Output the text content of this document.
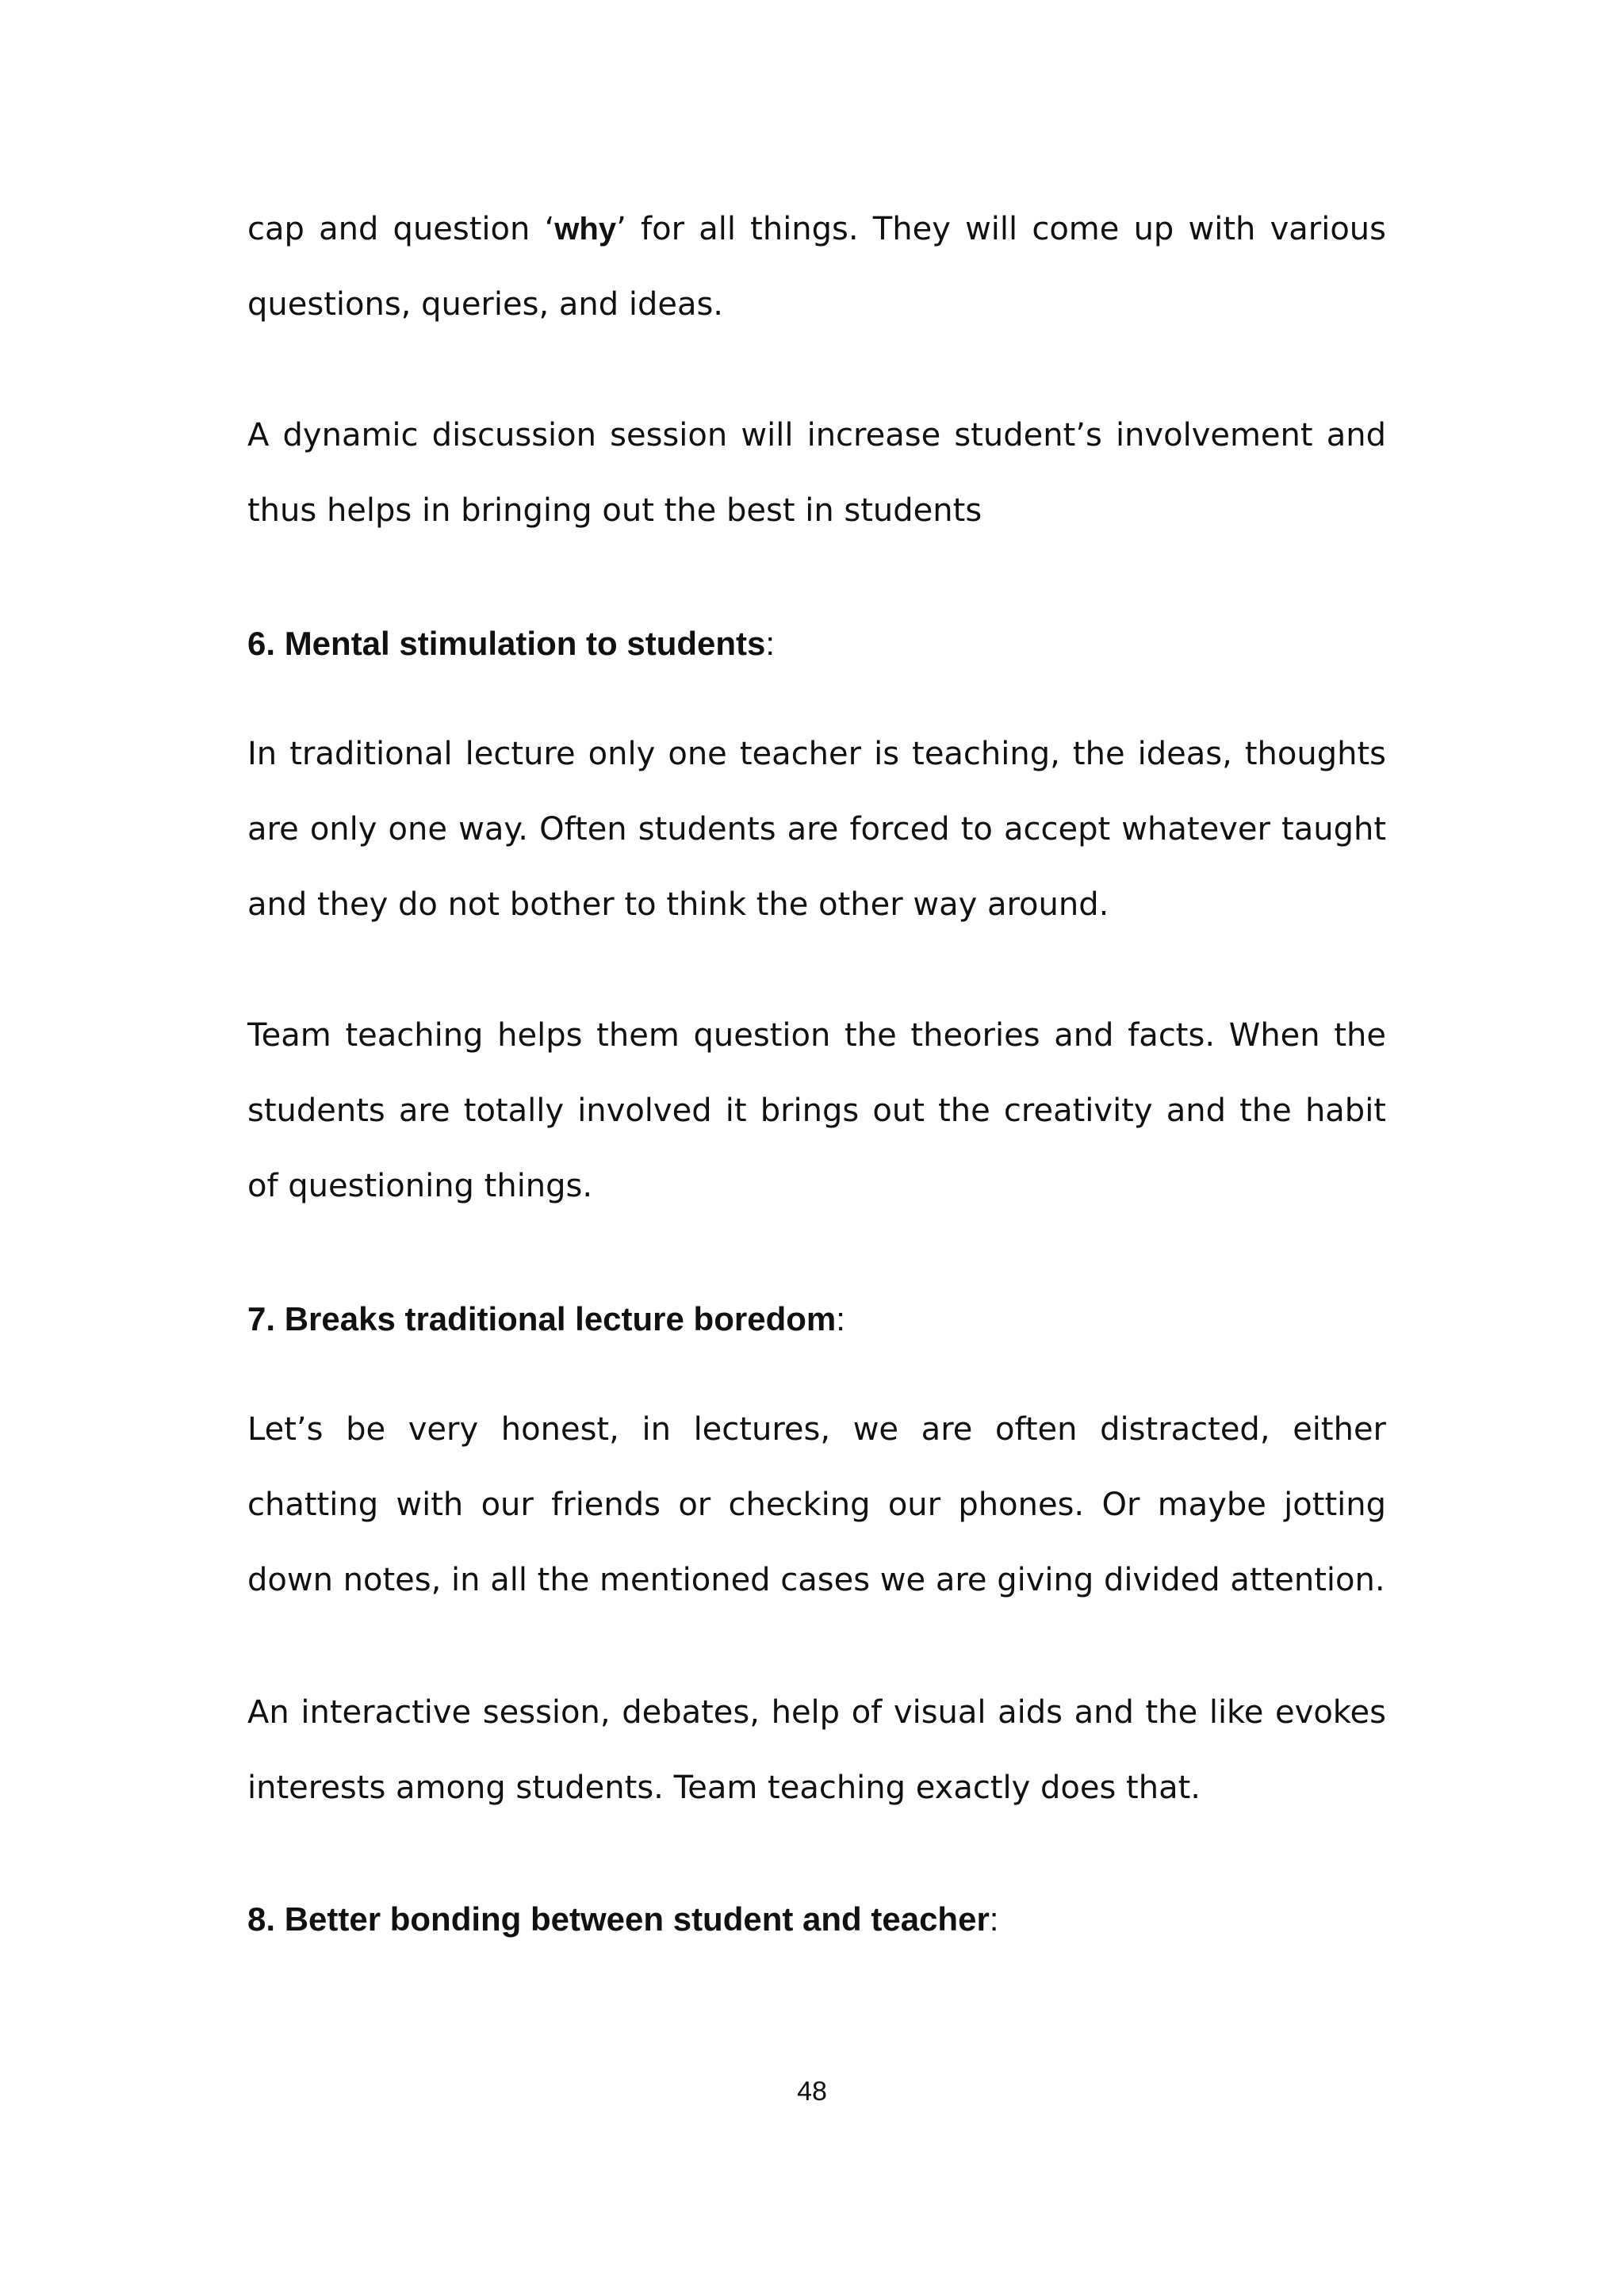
cap and question ‘why’ for all things. They will come up with various questions, queries, and ideas.

A dynamic discussion session will increase student’s involvement and thus helps in bringing out the best in students

6. Mental stimulation to students:

In traditional lecture only one teacher is teaching, the ideas, thoughts are only one way. Often students are forced to accept whatever taught and they do not bother to think the other way around.

Team teaching helps them question the theories and facts. When the students are totally involved it brings out the creativity and the habit of questioning things.

7. Breaks traditional lecture boredom:

Let’s be very honest, in lectures, we are often distracted, either chatting with our friends or checking our phones. Or maybe jotting down notes, in all the mentioned cases we are giving divided attention.

An interactive session, debates, help of visual aids and the like evokes interests among students. Team teaching exactly does that.

8. Better bonding between student and teacher:

48
